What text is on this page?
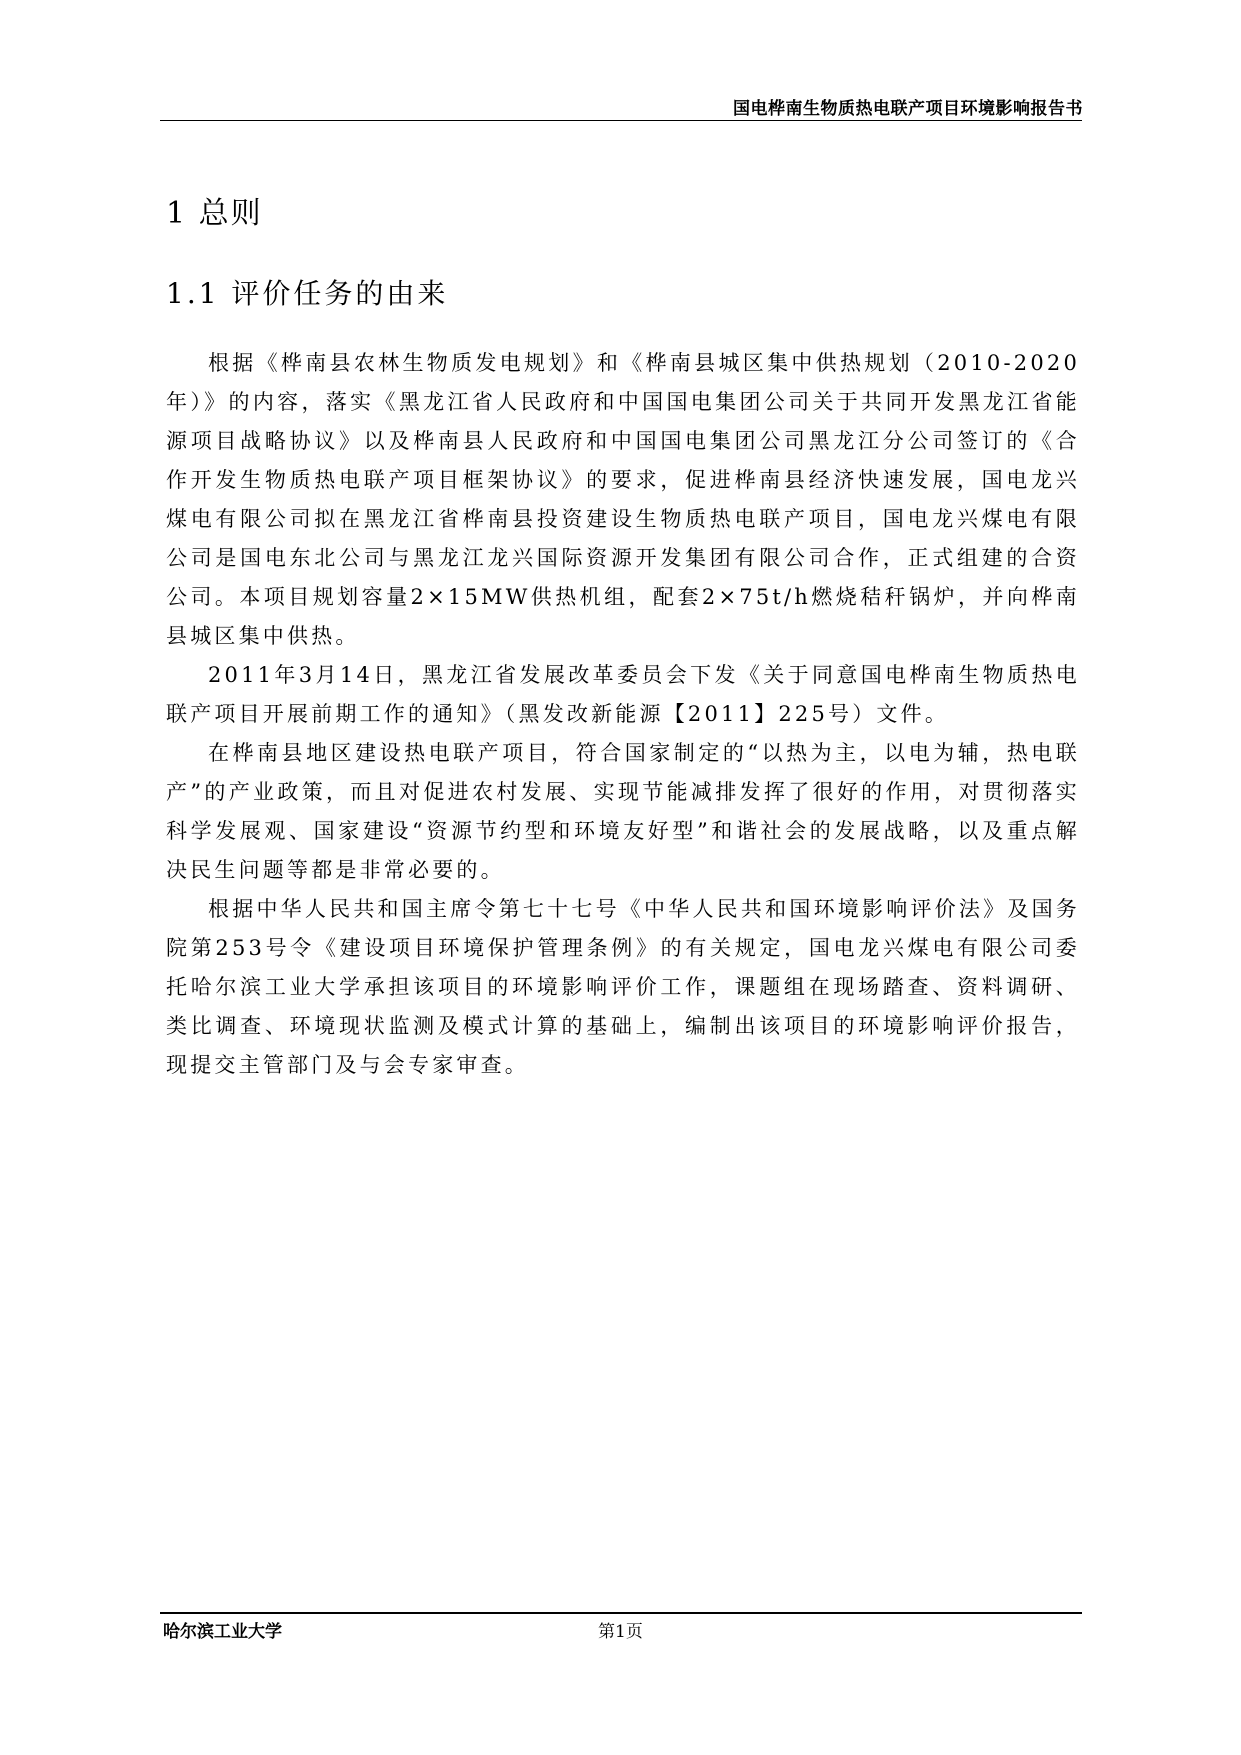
国电桦南生物质热电联产项目环境影响报告书
1 总则
1.1 评价任务的由来

根据《桦南县农林生物质发电规划》和《桦南县城区集中供热规划（2010-2020年）》的内容，落实《黑龙江省人民政府和中国国电集团公司关于共同开发黑龙江省能源项目战略协议》以及桦南县人民政府和中国国电集团公司黑龙江分公司签订的《合作开发生物质热电联产项目框架协议》的要求，促进桦南县经济快速发展，国电龙兴煤电有限公司拟在黑龙江省桦南县投资建设生物质热电联产项目，国电龙兴煤电有限公司是国电东北公司与黑龙江龙兴国际资源开发集团有限公司合作，正式组建的合资公司。本项目规划容量2×15MW供热机组，配套2×75t/h燃烧秸秆锅炉，并向桦南县城区集中供热。

2011年3月14日，黑龙江省发展改革委员会下发《关于同意国电桦南生物质热电联产项目开展前期工作的通知》（黑发改新能源【2011】225号）文件。

在桦南县地区建设热电联产项目，符合国家制定的“以热为主，以电为辅，热电联产”的产业政策，而且对促进农村发展、实现节能减排发挥了很好的作用，对贯彻落实科学发展观、国家建设“资源节约型和环境友好型”和谐社会的发展战略，以及重点解决民生问题等都是非常必要的。

根据中华人民共和国主席令第七十七号《中华人民共和国环境影响评价法》及国务院第253号令《建设项目环境保护管理条例》的有关规定，国电龙兴煤电有限公司委托哈尔滨工业大学承担该项目的环境影响评价工作，课题组在现场踏查、资料调研、类比调查、环境现状监测及模式计算的基础上，编制出该项目的环境影响评价报告，现提交主管部门及与会专家审查。

哈尔滨工业大学	第1页
